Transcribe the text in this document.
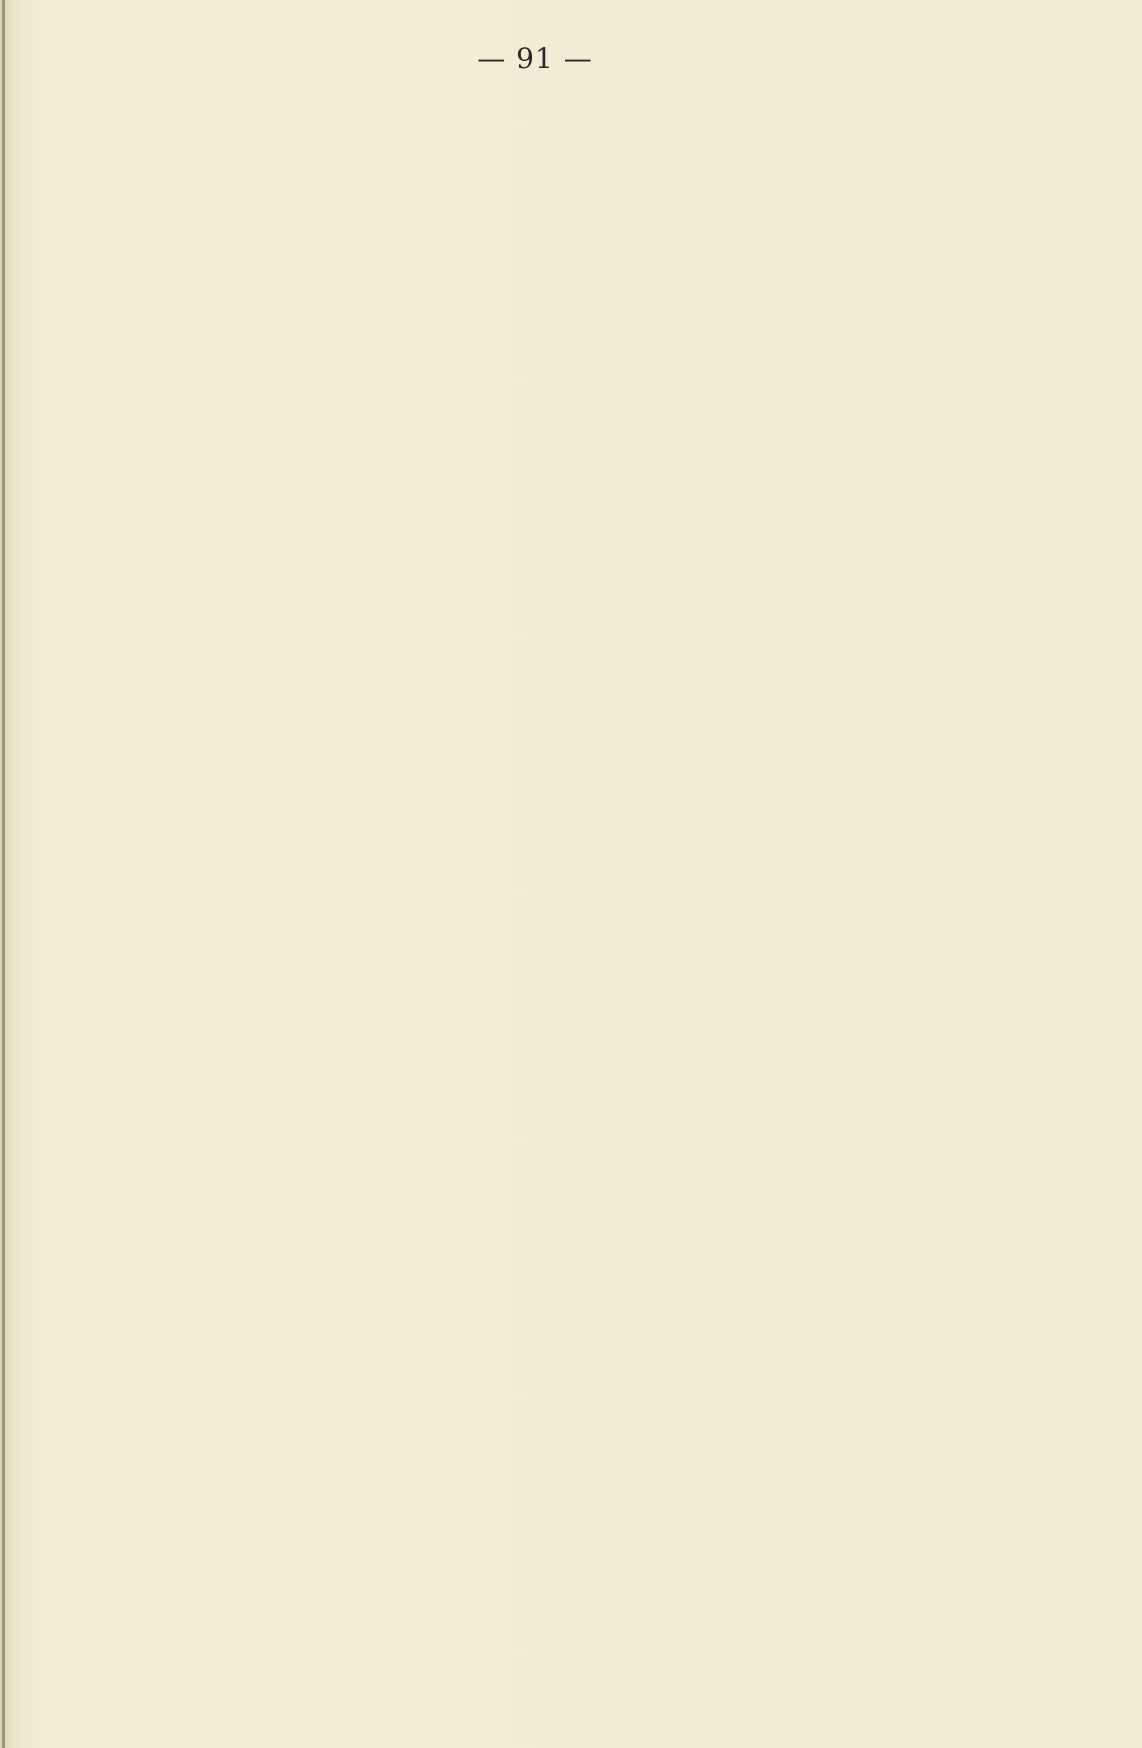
— 91 —
